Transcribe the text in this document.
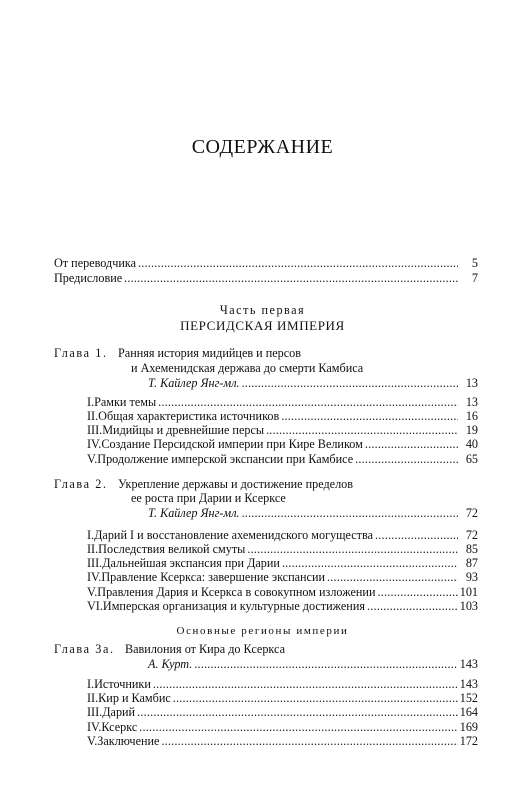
СОДЕРЖАНИЕ
От переводчика .....	5
Предисловие .....	7
Часть первая
ПЕРСИДСКАЯ ИМПЕРИЯ
Глава 1. Ранняя история мидийцев и персов
и Ахеменидская держава до смерти Камбиса
Т. Кайлер Янг-мл. .....	13
I.Рамки темы .....	13
II.Общая характеристика источников .....	16
III.Мидийцы и древнейшие персы .....	19
IV.Создание Персидской империи при Кире Великом .....	40
V.Продолжение имперской экспансии при Камбисе .....	65
Глава 2. Укрепление державы и достижение пределов
ее роста при Дарии и Ксерксе
Т. Кайлер Янг-мл. .....	72
I.Дарий I и восстановление ахеменидского могущества .....	72
II.Последствия великой смуты .....	85
III.Дальнейшая экспансия при Дарии .....	87
IV.Правление Ксеркса: завершение экспансии .....	93
V.Правления Дария и Ксеркса в совокупном изложении .....	101
VI.Имперская организация и культурные достижения .....	103
Основные регионы империи
Глава 3а. Вавилония от Кира до Ксеркса
А. Курт. .....	143
I.Источники .....	143
II.Кир и Камбис .....	152
III.Дарий .....	164
IV.Ксеркс .....	169
V.Заключение .....	172
